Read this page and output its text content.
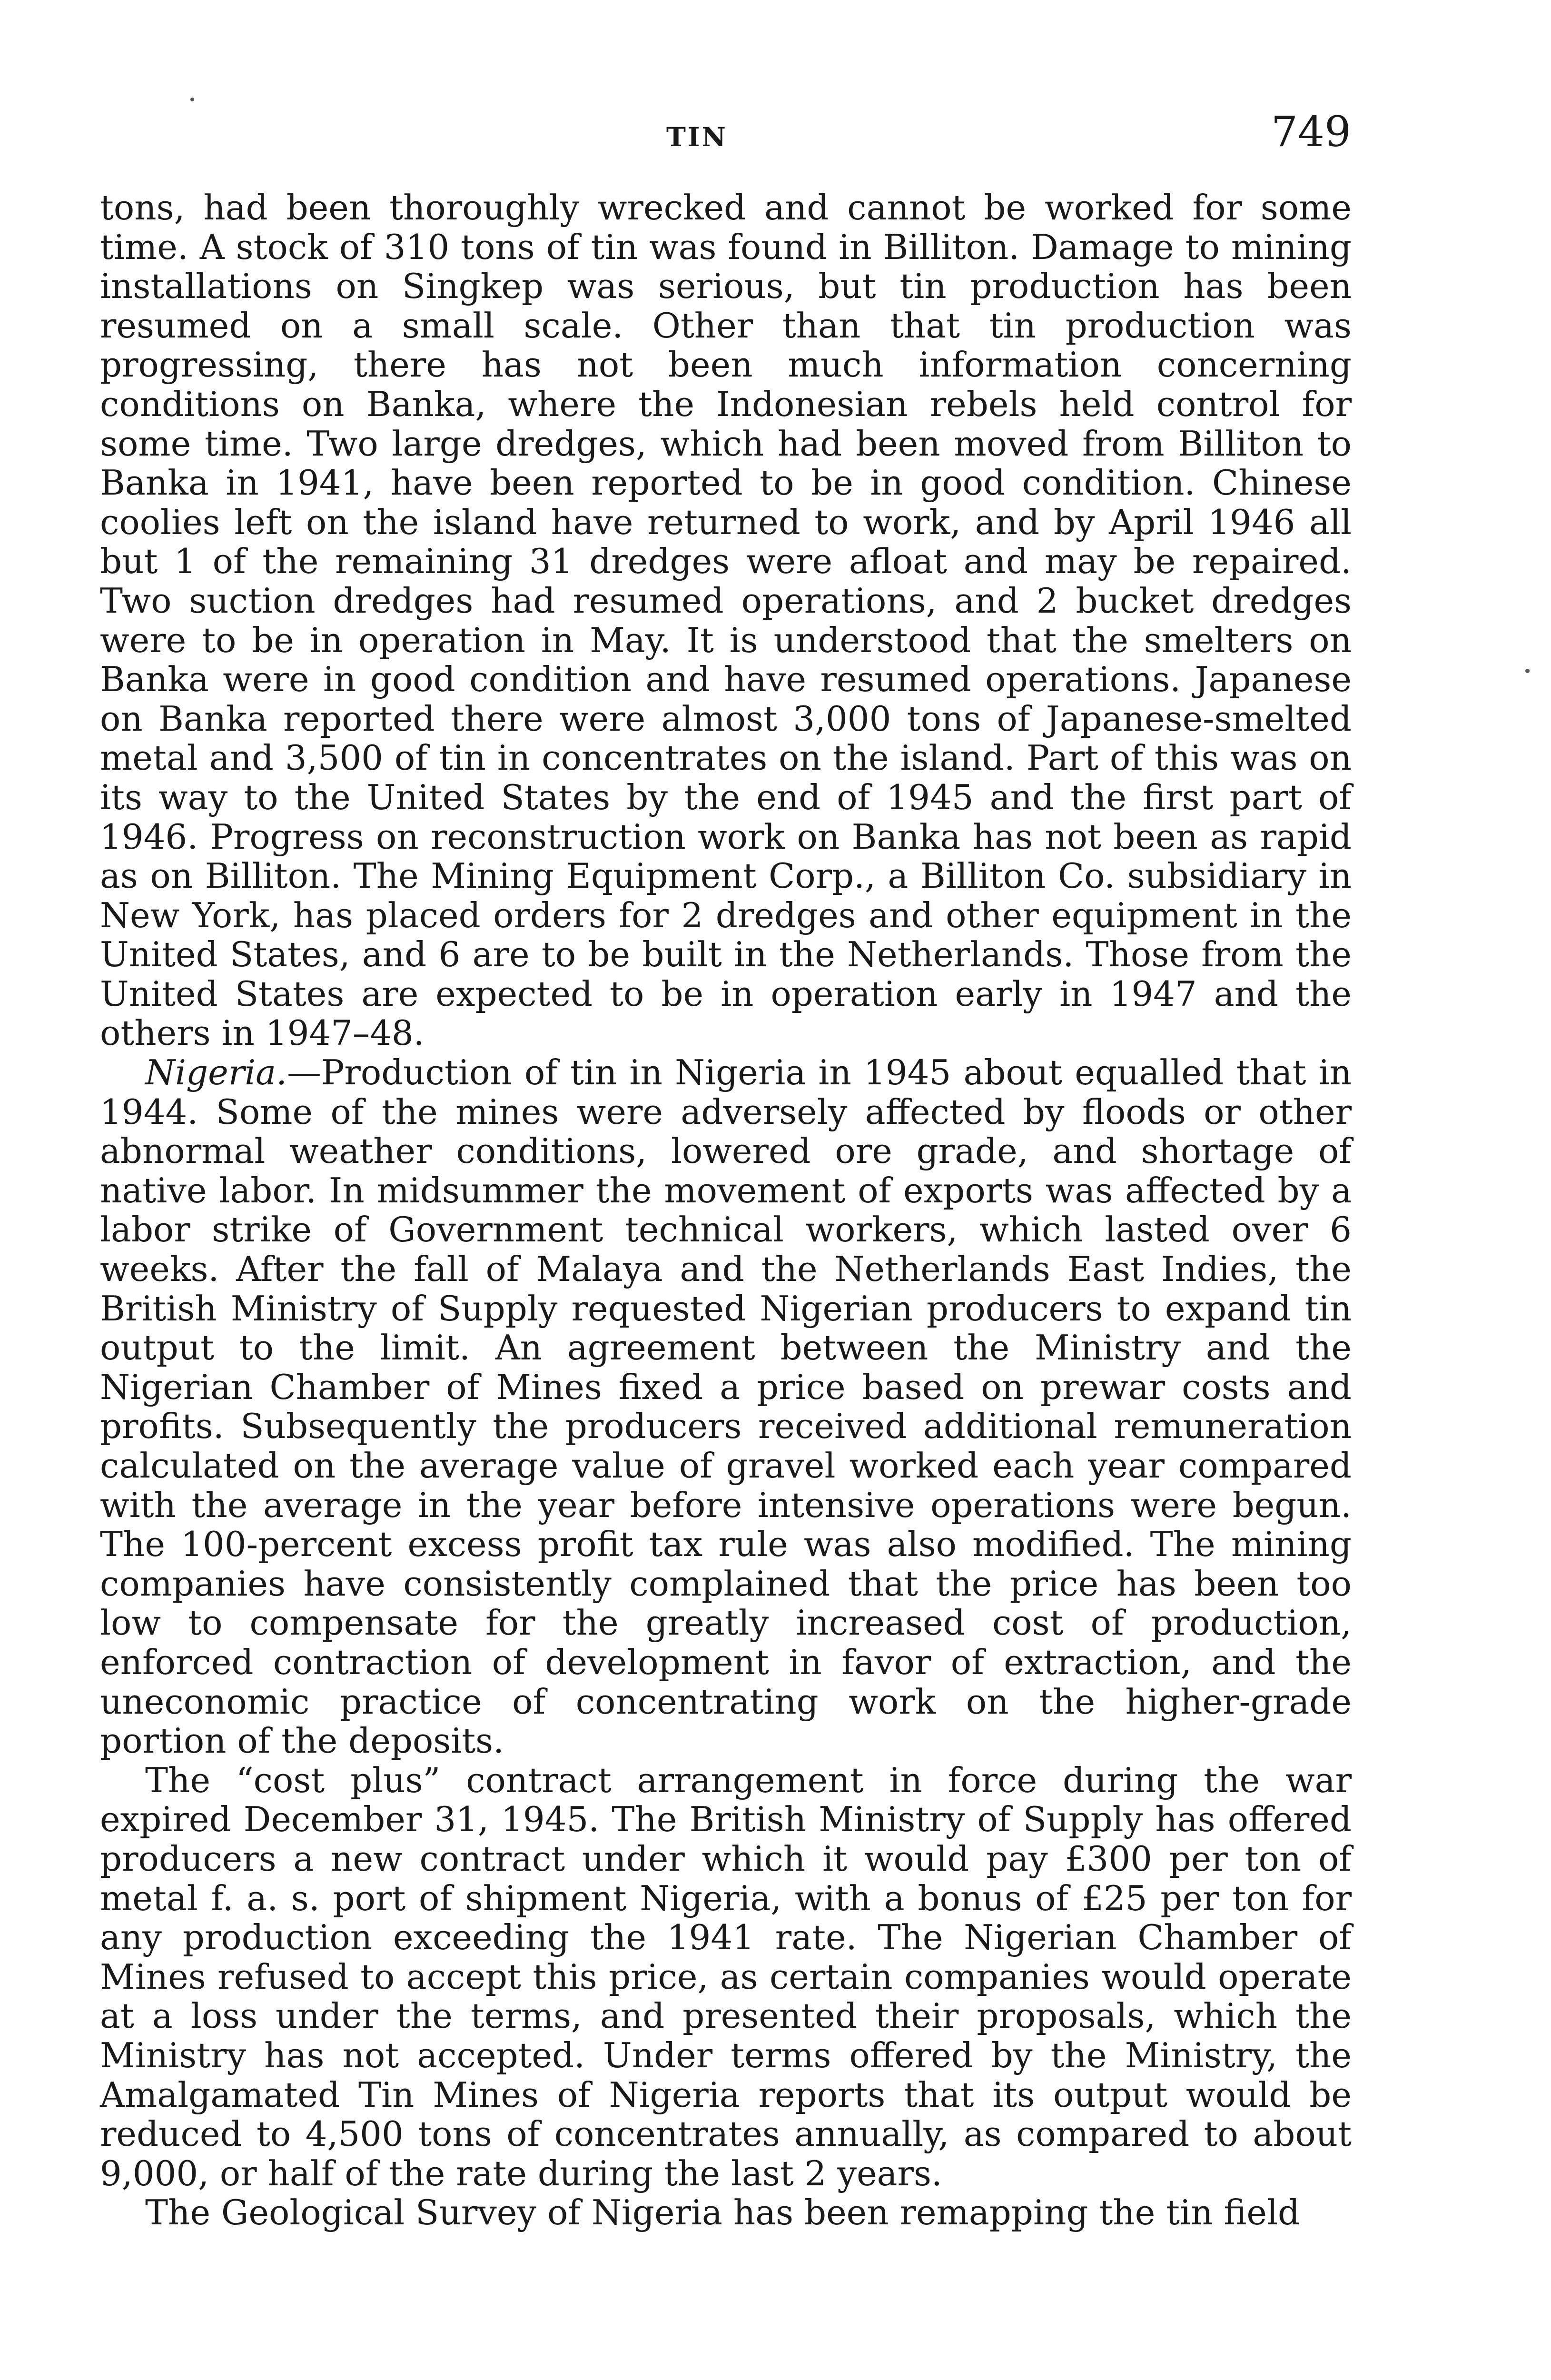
TIN	749

tons, had been thoroughly wrecked and cannot be worked for some time. A stock of 310 tons of tin was found in Billiton. Damage to mining installations on Singkep was serious, but tin production has been resumed on a small scale. Other than that tin production was progressing, there has not been much information concerning conditions on Banka, where the Indonesian rebels held control for some time. Two large dredges, which had been moved from Billiton to Banka in 1941, have been reported to be in good condition. Chinese coolies left on the island have returned to work, and by April 1946 all but 1 of the remaining 31 dredges were afloat and may be repaired. Two suction dredges had resumed operations, and 2 bucket dredges were to be in operation in May. It is understood that the smelters on Banka were in good condition and have resumed operations. Japanese on Banka reported there were almost 3,000 tons of Japanese-smelted metal and 3,500 of tin in concentrates on the island. Part of this was on its way to the United States by the end of 1945 and the first part of 1946. Progress on reconstruction work on Banka has not been as rapid as on Billiton. The Mining Equipment Corp., a Billiton Co. subsidiary in New York, has placed orders for 2 dredges and other equipment in the United States, and 6 are to be built in the Netherlands. Those from the United States are expected to be in operation early in 1947 and the others in 1947–48.

Nigeria.—Production of tin in Nigeria in 1945 about equalled that in 1944. Some of the mines were adversely affected by floods or other abnormal weather conditions, lowered ore grade, and shortage of native labor. In midsummer the movement of exports was affected by a labor strike of Government technical workers, which lasted over 6 weeks. After the fall of Malaya and the Netherlands East Indies, the British Ministry of Supply requested Nigerian producers to expand tin output to the limit. An agreement between the Ministry and the Nigerian Chamber of Mines fixed a price based on prewar costs and profits. Subsequently the producers received additional remuneration calculated on the average value of gravel worked each year compared with the average in the year before intensive operations were begun. The 100-percent excess profit tax rule was also modified. The mining companies have consistently complained that the price has been too low to compensate for the greatly increased cost of production, enforced contraction of development in favor of extraction, and the uneconomic practice of concentrating work on the higher-grade portion of the deposits.

The “cost plus” contract arrangement in force during the war expired December 31, 1945. The British Ministry of Supply has offered producers a new contract under which it would pay £300 per ton of metal f. a. s. port of shipment Nigeria, with a bonus of £25 per ton for any production exceeding the 1941 rate. The Nigerian Chamber of Mines refused to accept this price, as certain companies would operate at a loss under the terms, and presented their proposals, which the Ministry has not accepted. Under terms offered by the Ministry, the Amalgamated Tin Mines of Nigeria reports that its output would be reduced to 4,500 tons of concentrates annually, as compared to about 9,000, or half of the rate during the last 2 years.

The Geological Survey of Nigeria has been remapping the tin field
